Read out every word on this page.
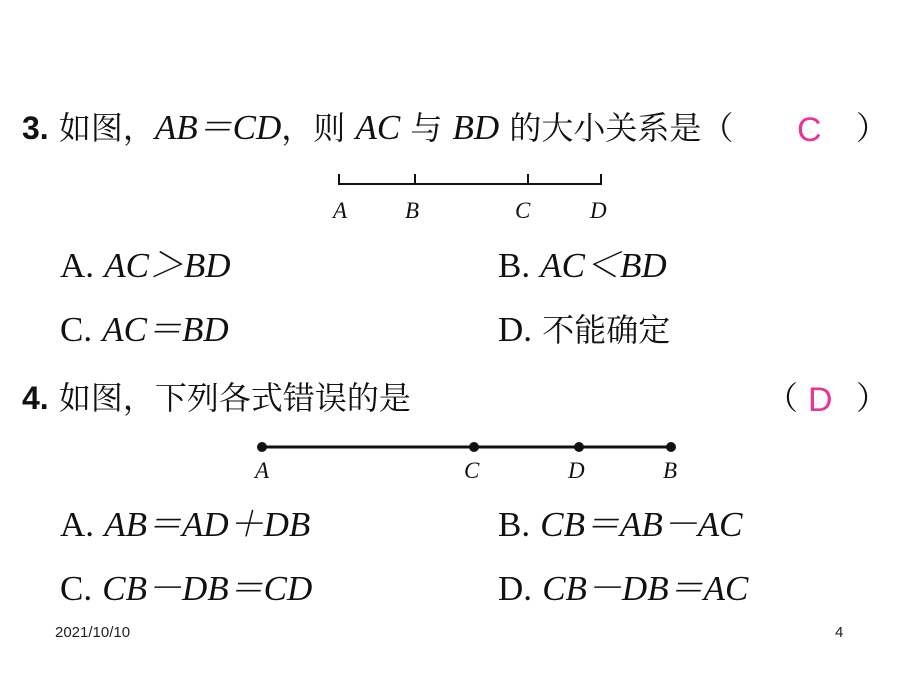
3. 如图，AB＝CD，则 AC 与 BD 的大小关系是（ C ）
A	B	C	D
A. AC＞BD	B. AC＜BD
C. AC＝BD	D. 不能确定
4. 如图，下列各式错误的是	（ D ）
A	C	D	B
A. AB＝AD＋DB	B. CB＝AB－AC
C. CB－DB＝CD	D. CB－DB＝AC
2021/10/10	4
